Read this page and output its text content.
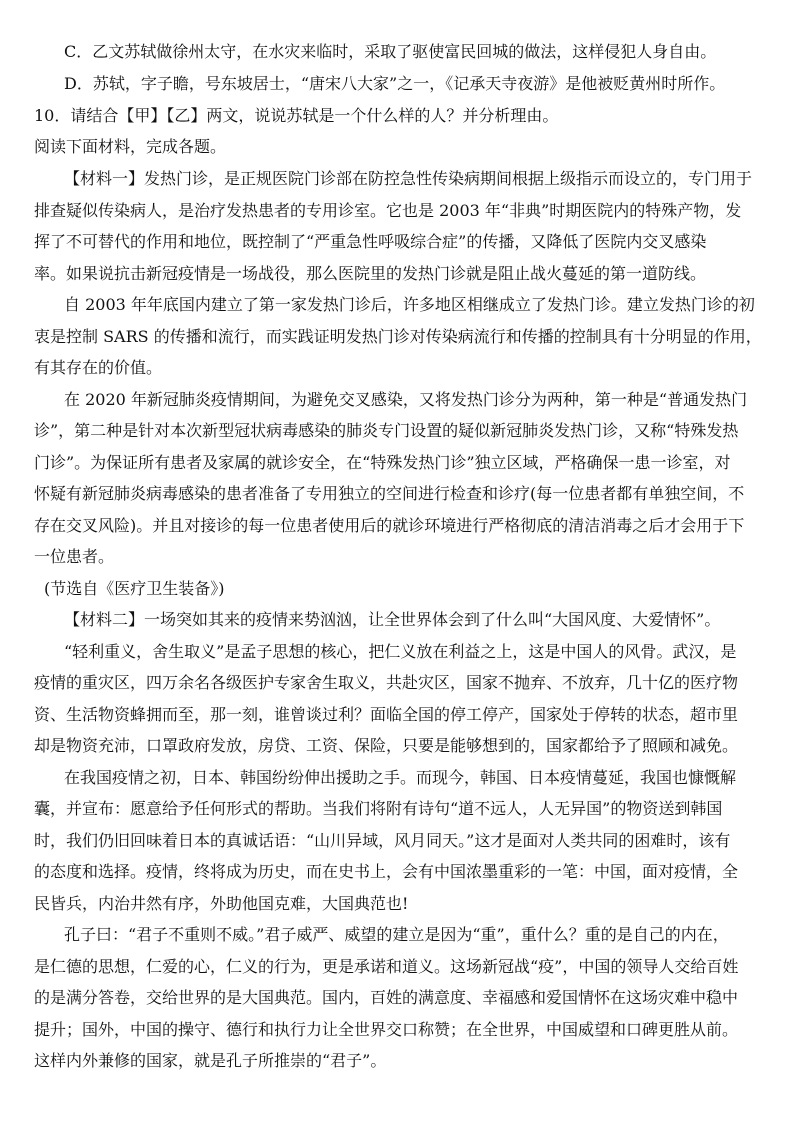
C．乙文苏轼做徐州太守，在水灾来临时，采取了驱使富民回城的做法，这样侵犯人身自由。
D．苏轼，字子瞻，号东坡居士，“唐宋八大家”之一，《记承天寺夜游》是他被贬黄州时所作。
10．请结合【甲】【乙】两文，说说苏轼是一个什么样的人？并分析理由。
阅读下面材料，完成各题。
【材料一】发热门诊，是正规医院门诊部在防控急性传染病期间根据上级指示而设立的，专门用于
排查疑似传染病人，是治疗发热患者的专用诊室。它也是 2003 年“非典”时期医院内的特殊产物，发
挥了不可替代的作用和地位，既控制了“严重急性呼吸综合症”的传播，又降低了医院内交叉感染
率。如果说抗击新冠疫情是一场战役，那么医院里的发热门诊就是阻止战火蔓延的第一道防线。
自 2003 年年底国内建立了第一家发热门诊后，许多地区相继成立了发热门诊。建立发热门诊的初
衷是控制 SARS 的传播和流行，而实践证明发热门诊对传染病流行和传播的控制具有十分明显的作用，
有其存在的价值。
在 2020 年新冠肺炎疫情期间，为避免交叉感染，又将发热门诊分为两种，第一种是“普通发热门
诊”，第二种是针对本次新型冠状病毒感染的肺炎专门设置的疑似新冠肺炎发热门诊，又称“特殊发热
门诊”。为保证所有患者及家属的就诊安全，在“特殊发热门诊”独立区域，严格确保一患一诊室，对
怀疑有新冠肺炎病毒感染的患者准备了专用独立的空间进行检查和诊疗(每一位患者都有单独空间，不
存在交叉风险)。并且对接诊的每一位患者使用后的就诊环境进行严格彻底的清洁消毒之后才会用于下
一位患者。
(节选自《医疗卫生装备》)
【材料二】一场突如其来的疫情来势汹汹，让全世界体会到了什么叫“大国风度、大爱情怀”。
“轻利重义，舍生取义”是孟子思想的核心，把仁义放在利益之上，这是中国人的风骨。武汉，是
疫情的重灾区，四万余名各级医护专家舍生取义，共赴灾区，国家不抛弃、不放弃，几十亿的医疗物
资、生活物资蜂拥而至，那一刻，谁曾谈过利？面临全国的停工停产，国家处于停转的状态，超市里
却是物资充沛，口罩政府发放，房贷、工资、保险，只要是能够想到的，国家都给予了照顾和减免。
在我国疫情之初，日本、韩国纷纷伸出援助之手。而现今，韩国、日本疫情蔓延，我国也慷慨解
囊，并宣布：愿意给予任何形式的帮助。当我们将附有诗句“道不远人，人无异国”的物资送到韩国
时，我们仍旧回味着日本的真诚话语：“山川异域，风月同天。”这才是面对人类共同的困难时，该有
的态度和选择。疫情，终将成为历史，而在史书上，会有中国浓墨重彩的一笔：中国，面对疫情，全
民皆兵，内治井然有序，外助他国克难，大国典范也!
孔子曰：“君子不重则不威。”君子威严、威望的建立是因为“重”，重什么？重的是自己的内在，
是仁德的思想，仁爱的心，仁义的行为，更是承诺和道义。这场新冠战“疫”，中国的领导人交给百姓
的是满分答卷，交给世界的是大国典范。国内，百姓的满意度、幸福感和爱国情怀在这场灾难中稳中
提升；国外，中国的操守、德行和执行力让全世界交口称赞；在全世界，中国威望和口碑更胜从前。
这样内外兼修的国家，就是孔子所推崇的“君子”。
